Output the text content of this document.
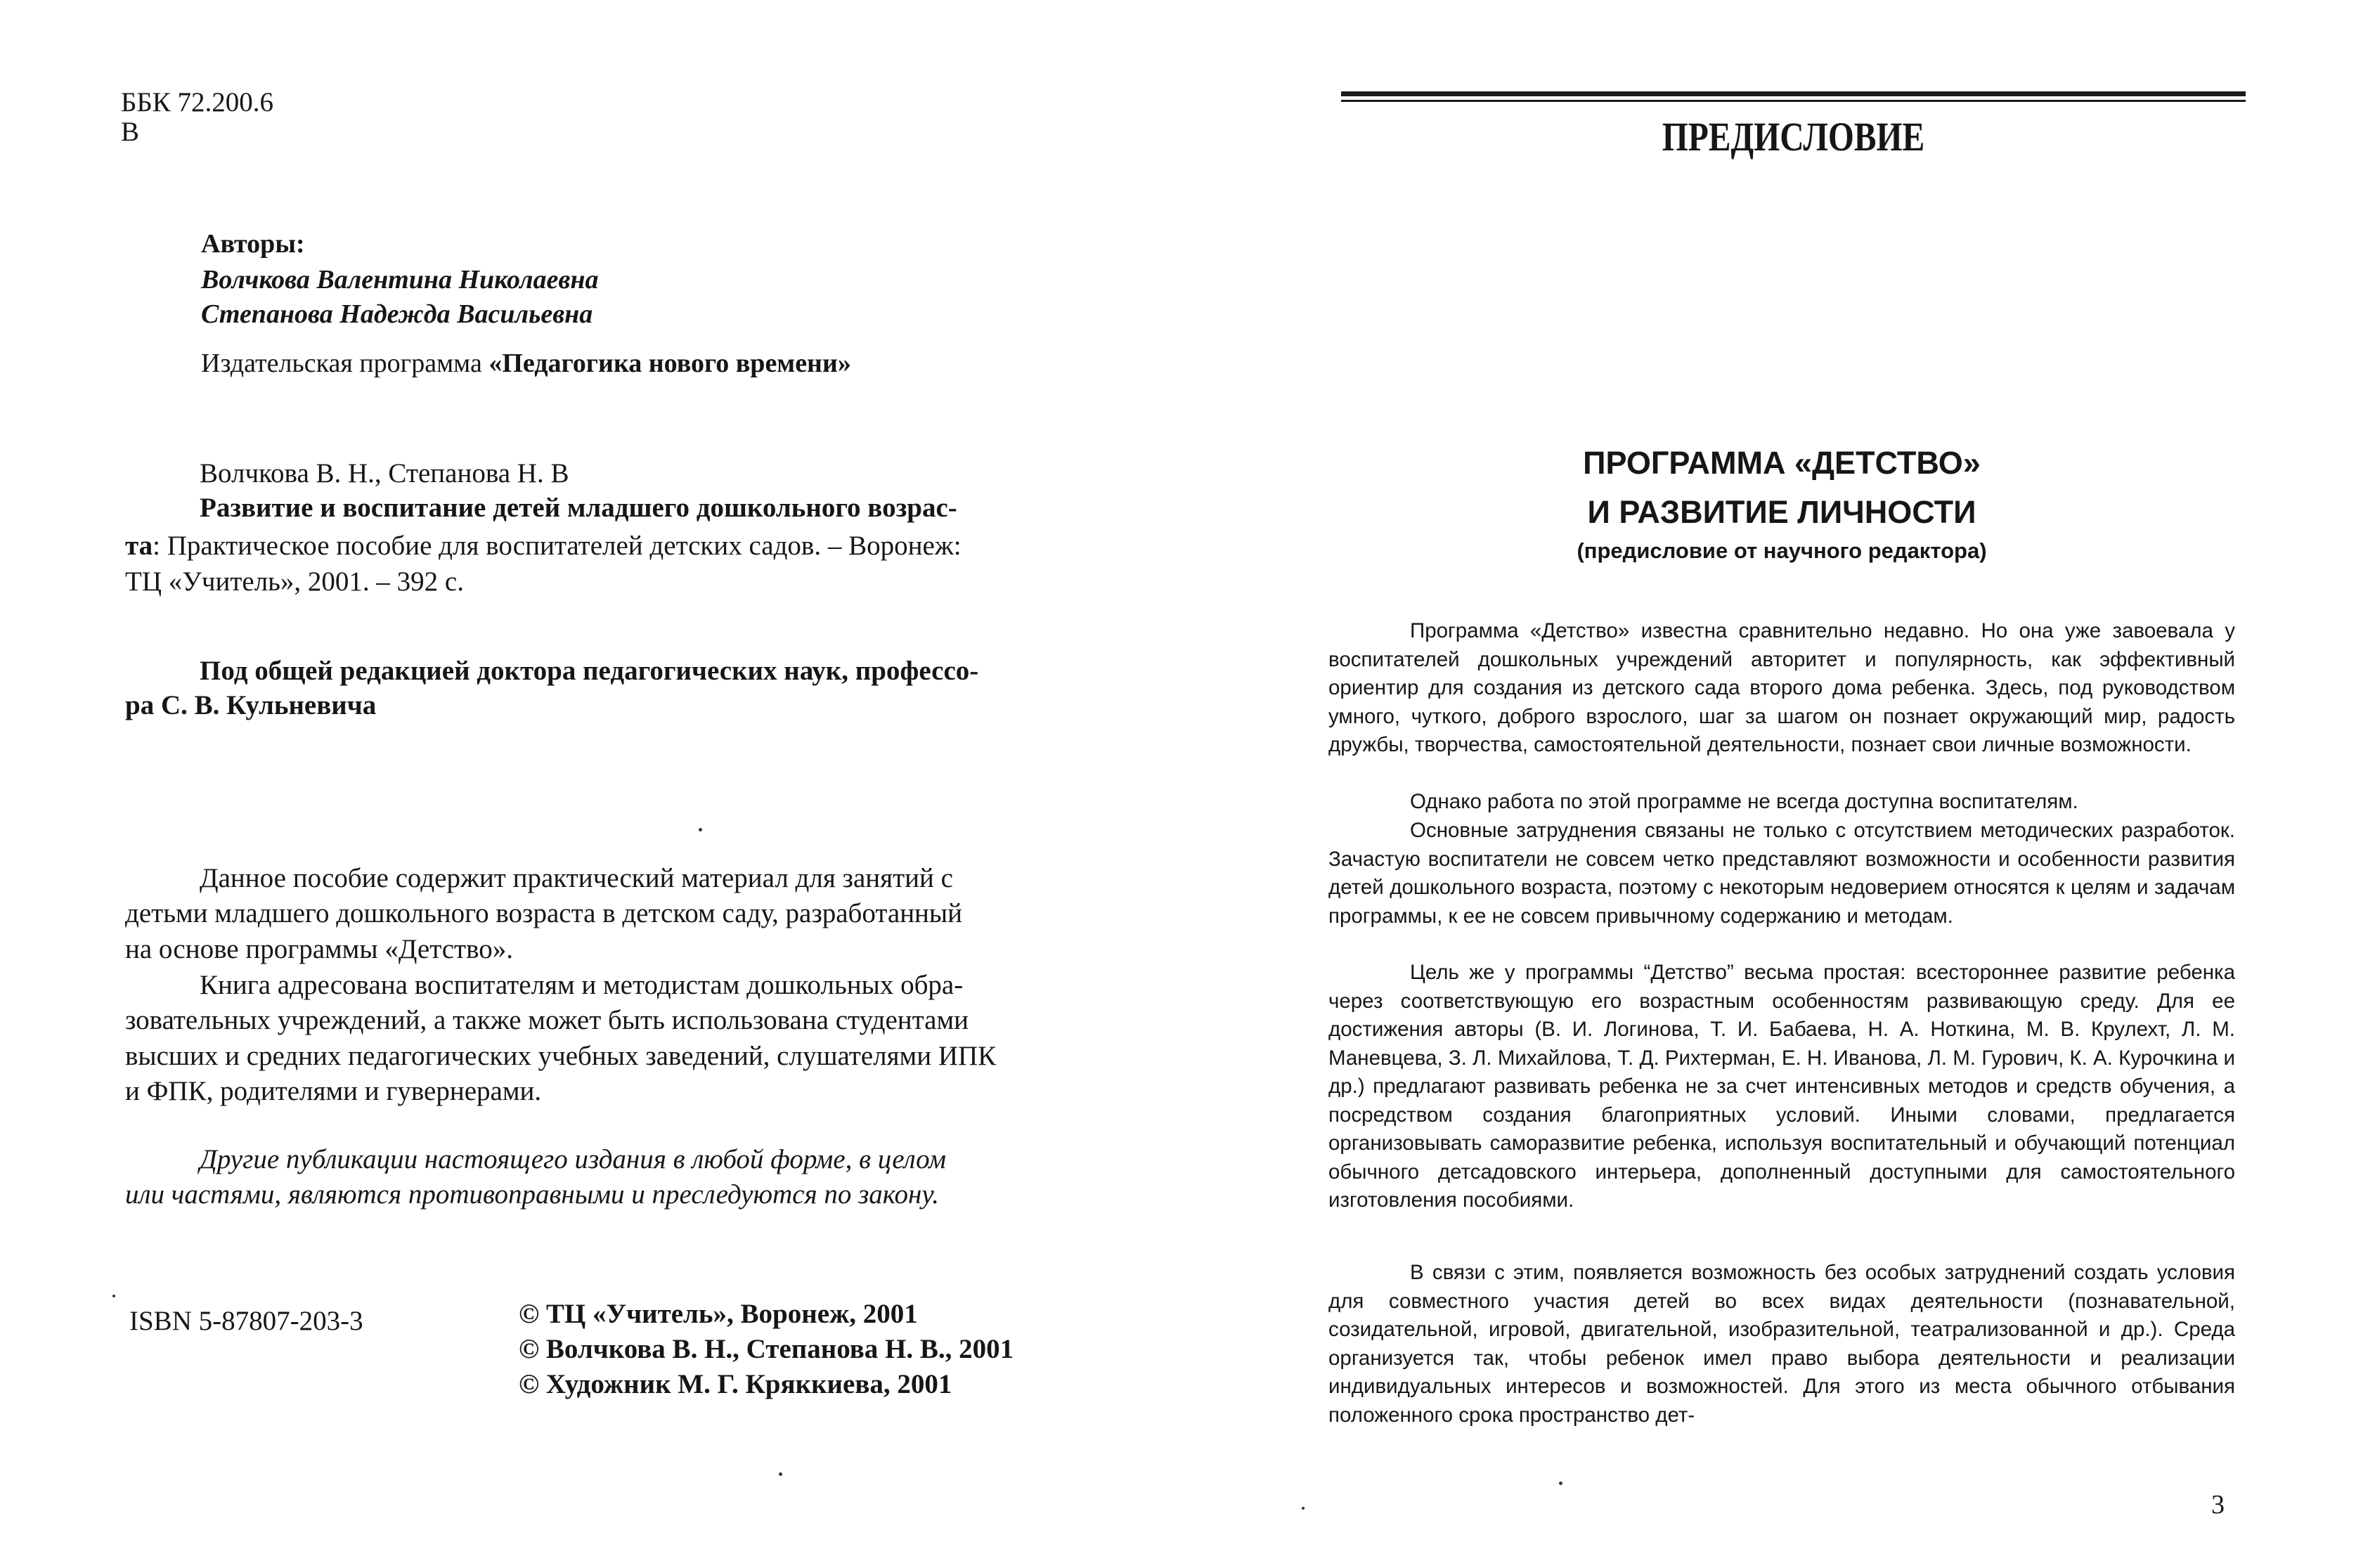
ББК 72.200.6
В
Авторы:
Волчкова Валентина Николаевна
Степанова Надежда Васильевна
Издательская программа «Педагогика нового времени»
Волчкова В. Н., Степанова Н. В
Развитие и воспитание детей младшего дошкольного возрас-
та: Практическое пособие для воспитателей детских садов. – Воронеж:
ТЦ «Учитель», 2001. – 392 с.
Под общей редакцией доктора педагогических наук, профессо-
ра С. В. Кульневича
Данное пособие содержит практический материал для занятий с
детьми младшего дошкольного возраста в детском саду, разработанный
на основе программы «Детство».
Книга адресована воспитателям и методистам дошкольных обра-
зовательных учреждений, а также может быть использована студентами
высших и средних педагогических учебных заведений, слушателями ИПК
и ФПК, родителями и гувернерами.
Другие публикации настоящего издания в любой форме, в целом
или частями, являются противоправными и преследуются по закону.
ISBN 5-87807-203-3	© ТЦ «Учитель», Воронеж, 2001
© Волчкова В. Н., Степанова Н. В., 2001
© Художник М. Г. Кряккиева, 2001
ПРЕДИСЛОВИЕ
ПРОГРАММА «ДЕТСТВО»
И РАЗВИТИЕ ЛИЧНОСТИ
(предисловие от научного редактора)

Программа «Детство» известна сравнительно недавно. Но она уже завоевала у воспитателей дошкольных учреждений авторитет и популярность, как эффективный ориентир для создания из детского сада второго дома ребенка. Здесь, под руководством умного, чуткого, доброго взрослого, шаг за шагом он познает окружающий мир, радость дружбы, творчества, самостоятельной деятельности, познает свои личные возможности.

Однако работа по этой программе не всегда доступна воспитателям.

Основные затруднения связаны не только с отсутствием методических разработок. Зачастую воспитатели не совсем четко представляют возможности и особенности развития детей дошкольного возраста, поэтому с некоторым недоверием относятся к целям и задачам программы, к ее не совсем привычному содержанию и методам.

Цель же у программы “Детство” весьма простая: всестороннее развитие ребенка через соответствующую его возрастным особенностям развивающую среду. Для ее достижения авторы (В. И. Логинова, Т. И. Бабаева, Н. А. Ноткина, М. В. Крулехт, Л. М. Маневцева, З. Л. Михайлова, Т. Д. Рихтерман, Е. Н. Иванова, Л. М. Гурович, К. А. Курочкина и др.) предлагают развивать ребенка не за счет интенсивных методов и средств обучения, а посредством создания благоприятных условий. Иными словами, предлагается организовывать саморазвитие ребенка, используя воспитательный и обучающий потенциал обычного детсадовского интерьера, дополненный доступными для самостоятельного изготовления пособиями.

В связи с этим, появляется возможность без особых затруднений создать условия для совместного участия детей во всех видах деятельности (познавательной, созидательной, игровой, двигательной, изобразительной, театрализованной и др.). Среда организуется так, чтобы ребенок имел право выбора деятельности и реализации индивидуальных интересов и возможностей. Для этого из места обычного отбывания положенного срока пространство дет-

3
